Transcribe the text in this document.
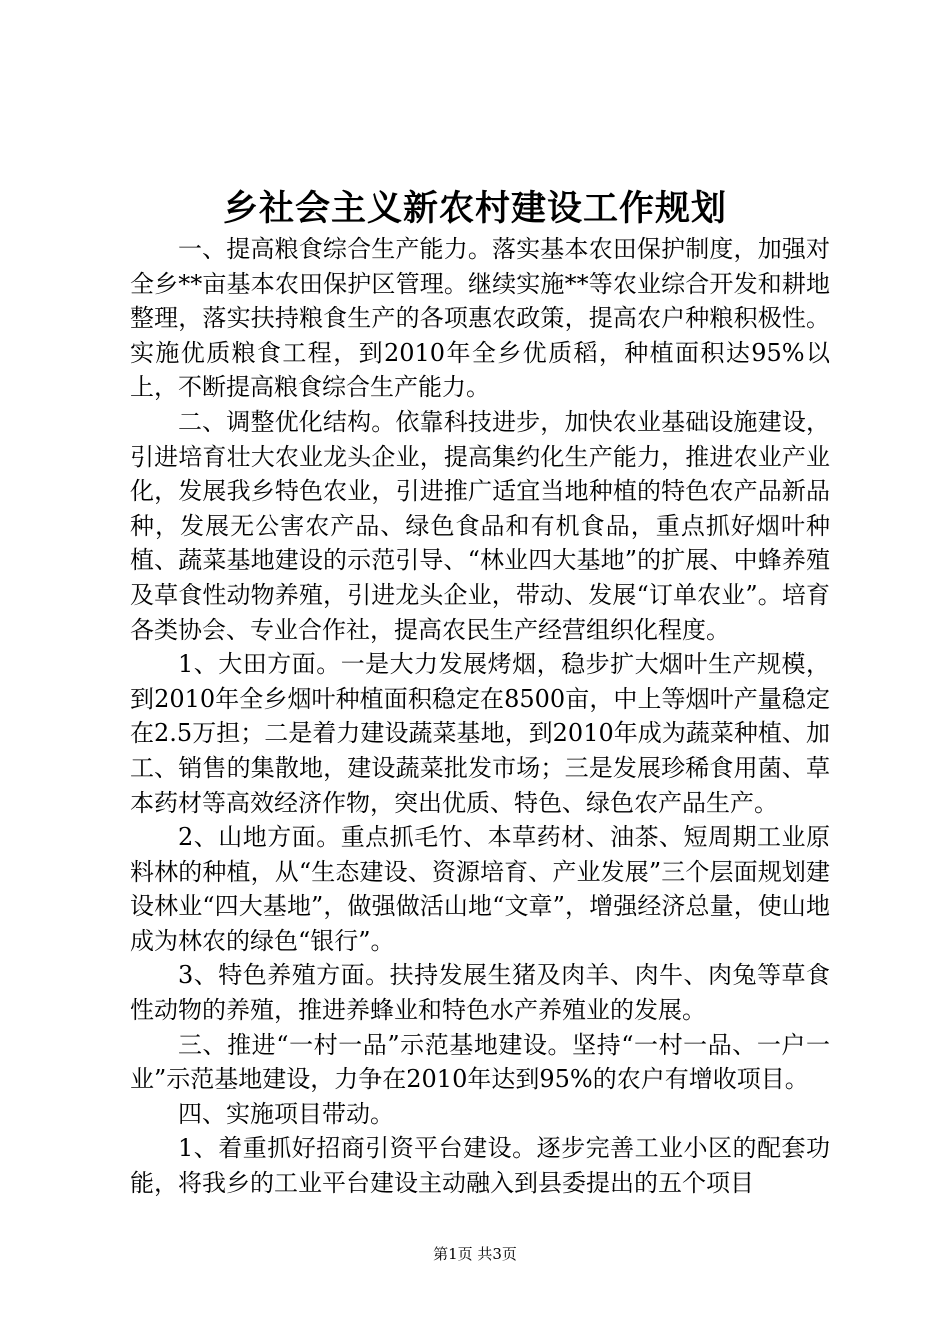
乡社会主义新农村建设工作规划

一、提高粮食综合生产能力。落实基本农田保护制度，加强对全乡**亩基本农田保护区管理。继续实施**等农业综合开发和耕地整理，落实扶持粮食生产的各项惠农政策，提高农户种粮积极性。实施优质粮食工程，到2010年全乡优质稻，种植面积达95%以上，不断提高粮食综合生产能力。

二、调整优化结构。依靠科技进步，加快农业基础设施建设，引进培育壮大农业龙头企业，提高集约化生产能力，推进农业产业化，发展我乡特色农业，引进推广适宜当地种植的特色农产品新品种，发展无公害农产品、绿色食品和有机食品，重点抓好烟叶种植、蔬菜基地建设的示范引导、“林业四大基地”的扩展、中蜂养殖及草食性动物养殖，引进龙头企业，带动、发展“订单农业”。培育各类协会、专业合作社，提高农民生产经营组织化程度。

1、大田方面。一是大力发展烤烟，稳步扩大烟叶生产规模，到2010年全乡烟叶种植面积稳定在8500亩，中上等烟叶产量稳定在2.5万担；二是着力建设蔬菜基地，到2010年成为蔬菜种植、加工、销售的集散地，建设蔬菜批发市场；三是发展珍稀食用菌、草本药材等高效经济作物，突出优质、特色、绿色农产品生产。

2、山地方面。重点抓毛竹、本草药材、油茶、短周期工业原料林的种植，从“生态建设、资源培育、产业发展”三个层面规划建设林业“四大基地”，做强做活山地“文章”，增强经济总量，使山地成为林农的绿色“银行”。

3、特色养殖方面。扶持发展生猪及肉羊、肉牛、肉兔等草食性动物的养殖，推进养蜂业和特色水产养殖业的发展。

三、推进“一村一品”示范基地建设。坚持“一村一品、一户一业”示范基地建设，力争在2010年达到95%的农户有增收项目。

四、实施项目带动。

1、着重抓好招商引资平台建设。逐步完善工业小区的配套功能，将我乡的工业平台建设主动融入到县委提出的五个项目

第1页 共3页
